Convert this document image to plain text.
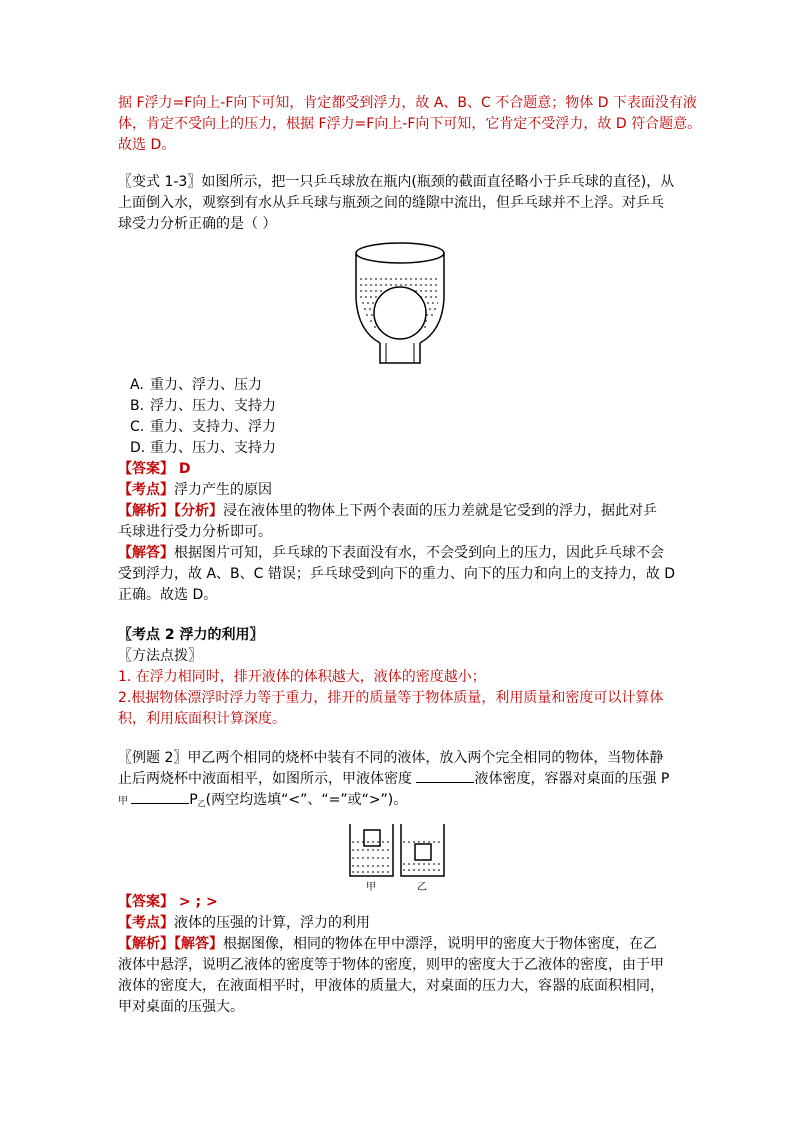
据 F浮力=F向上-F向下可知，肯定都受到浮力，故 A、B、C 不合题意；物体 D 下表面没有液
体，肯定不受向上的压力，根据 F浮力=F向上-F向下可知，它肯定不受浮力，故 D 符合题意。
故选 D。
〖变式 1-3〗如图所示，把一只乒乓球放在瓶内(瓶颈的截面直径略小于乒乓球的直径)，从
上面倒入水，观察到有水从乒乓球与瓶颈之间的缝隙中流出，但乒乓球并不上浮。对乒乓
球受力分析正确的是（ ）
A. 重力、浮力、压力
B. 浮力、压力、支持力
C. 重力、支持力、浮力
D. 重力、压力、支持力
【答案】 D
【考点】浮力产生的原因
【解析】【分析】浸在液体里的物体上下两个表面的压力差就是它受到的浮力，据此对乒
乓球进行受力分析即可。
【解答】根据图片可知，乒乓球的下表面没有水，不会受到向上的压力，因此乒乓球不会
受到浮力，故 A、B、C 错误；乒乓球受到向下的重力、向下的压力和向上的支持力，故 D
正确。故选 D。
〖考点 2 浮力的利用〗
〖方法点拨〗
1. 在浮力相同时，排开液体的体积越大，液体的密度越小；
2.根据物体漂浮时浮力等于重力，排开的质量等于物体质量，利用质量和密度可以计算体
积，利用底面积计算深度。
〖例题 2〗甲乙两个相同的烧杯中装有不同的液体，放入两个完全相同的物体，当物体静
止后两烧杯中液面相平，如图所示，甲液体密度	液体密度，容器对桌面的压强 P
甲	$P_乙$(两空均选填“<”、“=”或“>”)。
甲	乙
【答案】 > ; >
【考点】液体的压强的计算，浮力的利用
【解析】【解答】根据图像，相同的物体在甲中漂浮，说明甲的密度大于物体密度，在乙
液体中悬浮，说明乙液体的密度等于物体的密度，则甲的密度大于乙液体的密度，由于甲
液体的密度大，在液面相平时，甲液体的质量大，对桌面的压力大，容器的底面积相同，
甲对桌面的压强大。
